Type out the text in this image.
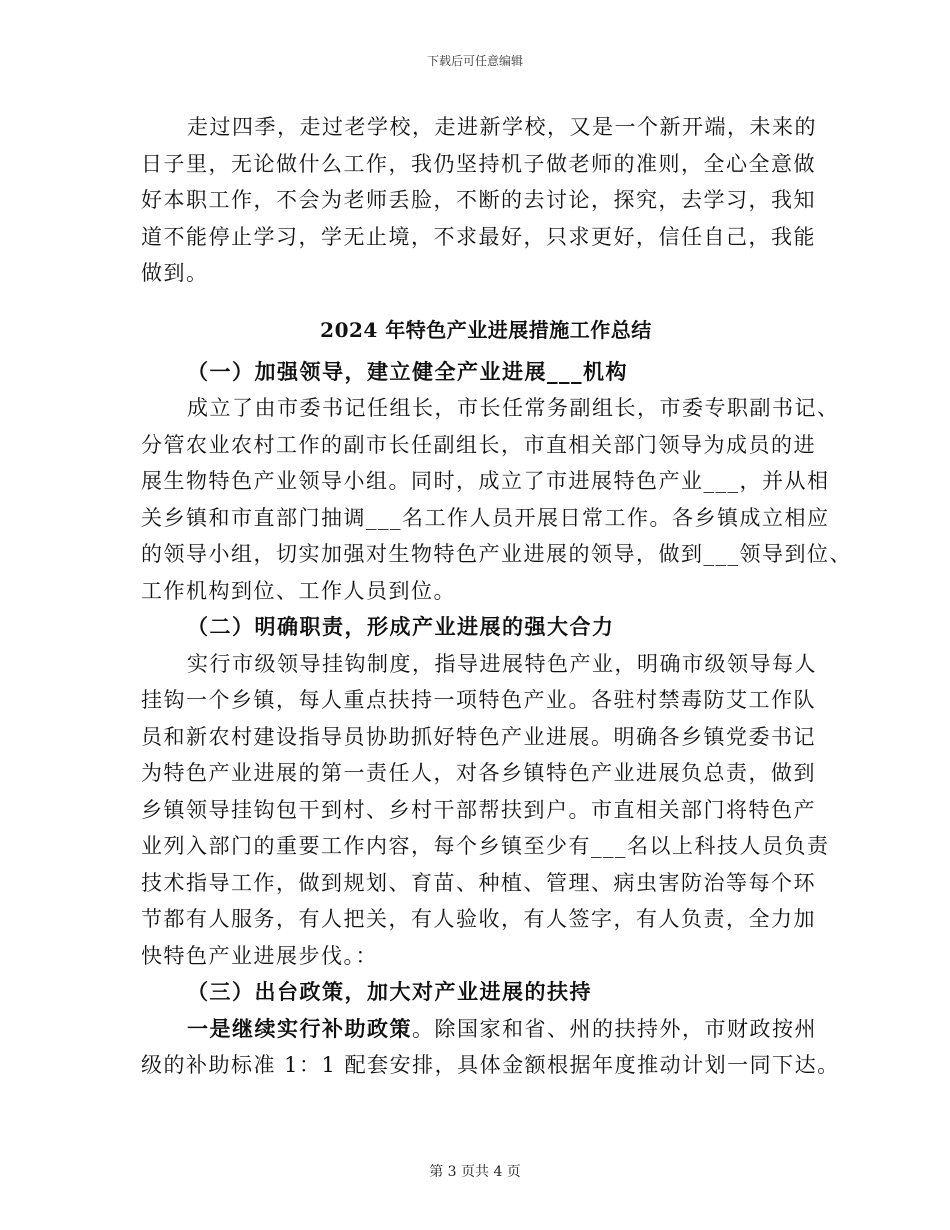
下载后可任意编辑
走过四季，走过老学校，走进新学校，又是一个新开端，未来的
日子里，无论做什么工作，我仍坚持机子做老师的准则，全心全意做
好本职工作，不会为老师丢脸，不断的去讨论，探究，去学习，我知
道不能停止学习，学无止境，不求最好，只求更好，信任自己，我能
做到。
2024 年特色产业进展措施工作总结
（一）加强领导，建立健全产业进展___机构
成立了由市委书记任组长，市长任常务副组长，市委专职副书记、
分管农业农村工作的副市长任副组长，市直相关部门领导为成员的进
展生物特色产业领导小组。同时，成立了市进展特色产业___，并从相
关乡镇和市直部门抽调___名工作人员开展日常工作。各乡镇成立相应
的领导小组，切实加强对生物特色产业进展的领导，做到___领导到位、
工作机构到位、工作人员到位。
（二）明确职责，形成产业进展的强大合力
实行市级领导挂钩制度，指导进展特色产业，明确市级领导每人
挂钩一个乡镇，每人重点扶持一项特色产业。各驻村禁毒防艾工作队
员和新农村建设指导员协助抓好特色产业进展。明确各乡镇党委书记
为特色产业进展的第一责任人，对各乡镇特色产业进展负总责，做到
乡镇领导挂钩包干到村、乡村干部帮扶到户。市直相关部门将特色产
业列入部门的重要工作内容，每个乡镇至少有___名以上科技人员负责
技术指导工作，做到规划、育苗、种植、管理、病虫害防治等每个环
节都有人服务，有人把关，有人验收，有人签字，有人负责，全力加
快特色产业进展步伐。：
（三）出台政策，加大对产业进展的扶持
一是继续实行补助政策。除国家和省、州的扶持外，市财政按州
级的补助标准 1：1 配套安排，具体金额根据年度推动计划一同下达。
第 3 页共 4 页
